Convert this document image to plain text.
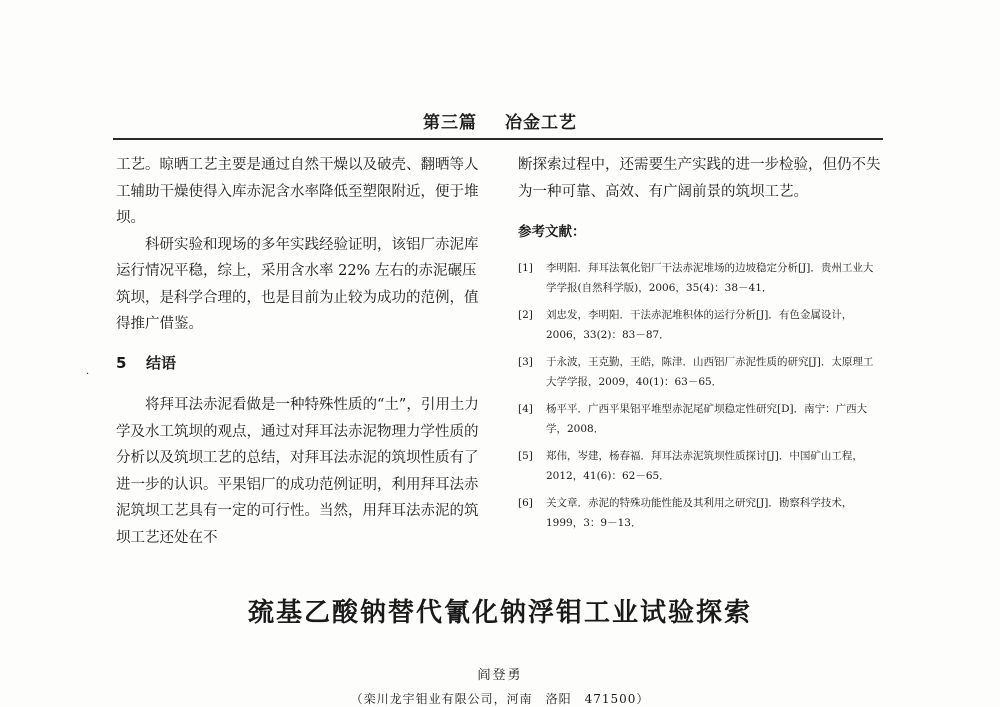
第三篇 冶金工艺

工艺。晾晒工艺主要是通过自然干燥以及破壳、翻晒等人工辅助干燥使得入库赤泥含水率降低至塑限附近，便于堆坝。

科研实验和现场的多年实践经验证明，该铝厂赤泥库运行情况平稳，综上，采用含水率 22% 左右的赤泥碾压筑坝，是科学合理的，也是目前为止较为成功的范例，值得推广借鉴。

5 结语

将拜耳法赤泥看做是一种特殊性质的“土”，引用土力学及水工筑坝的观点，通过对拜耳法赤泥物理力学性质的分析以及筑坝工艺的总结，对拜耳法赤泥的筑坝性质有了进一步的认识。平果铝厂的成功范例证明，利用拜耳法赤泥筑坝工艺具有一定的可行性。当然，用拜耳法赤泥的筑坝工艺还处在不

.

断探索过程中，还需要生产实践的进一步检验，但仍不失为一种可靠、高效、有广阔前景的筑坝工艺。

参考文献：

[1]	李明阳．拜耳法氧化铝厂干法赤泥堆场的边坡稳定分析[J]．贵州工业大学学报(自然科学版)，2006，35(4)：38－41．
[2]	刘忠发，李明阳．干法赤泥堆积体的运行分析[J]．有色金属设计，2006，33(2)：83－87．
[3]	于永波，王克勤，王皓，陈津．山西铝厂赤泥性质的研究[J]．太原理工大学学报，2009，40(1)：63－65．
[4]	杨平平．广西平果铝平堆型赤泥尾矿坝稳定性研究[D]．南宁：广西大学，2008．
[5]	郑伟，岑建，杨春福．拜耳法赤泥筑坝性质探讨[J]．中国矿山工程，2012，41(6)：62－65．
[6]	关文章．赤泥的特殊功能性能及其利用之研究[J]．勘察科学技术，1999，3：9－13．
巯基乙酸钠替代氰化钠浮钼工业试验探索
阎登勇
（栾川龙宇钼业有限公司，河南　洛阳　471500）
